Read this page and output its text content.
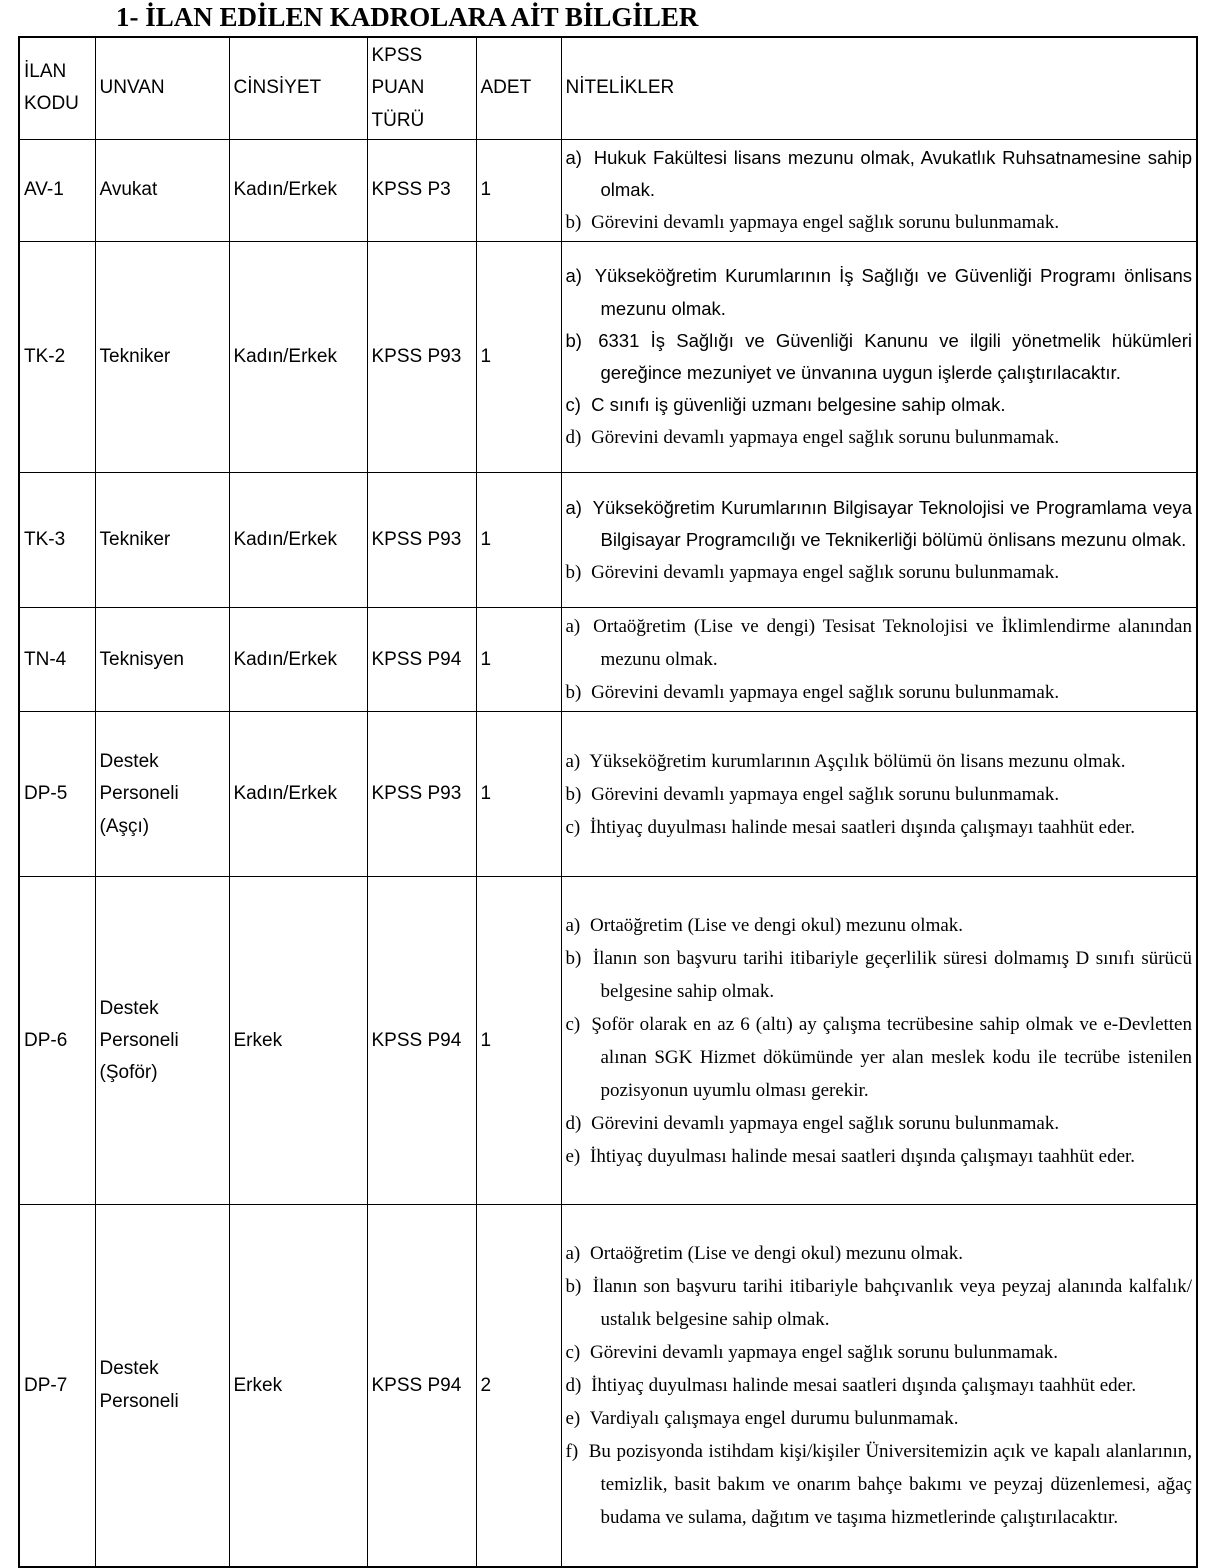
1- İLAN EDİLEN KADROLARA AİT BİLGİLER
İLAN KODU	UNVAN	CİNSİYET	KPSS PUAN TÜRÜ	ADET	NİTELİKLER
AV-1	Avukat	Kadın/Erkek	KPSS P3	1	a) Hukuk Fakültesi lisans mezunu olmak, Avukatlık Ruhsatnamesine sahip olmak.
b) Görevini devamlı yapmaya engel sağlık sorunu bulunmamak.

TK-2	Tekniker	Kadın/Erkek	KPSS P93	1	a) Yükseköğretim Kurumlarının İş Sağlığı ve Güvenliği Programı önlisans mezunu olmak.
b) 6331 İş Sağlığı ve Güvenliği Kanunu ve ilgili yönetmelik hükümleri gereğince mezuniyet ve ünvanına uygun işlerde çalıştırılacaktır.
c) C sınıfı iş güvenliği uzmanı belgesine sahip olmak.
d) Görevini devamlı yapmaya engel sağlık sorunu bulunmamak.

TK-3	Tekniker	Kadın/Erkek	KPSS P93	1	a) Yükseköğretim Kurumlarının Bilgisayar Teknolojisi ve Programlama veya Bilgisayar Programcılığı ve Teknikerliği bölümü önlisans mezunu olmak.
b) Görevini devamlı yapmaya engel sağlık sorunu bulunmamak.

TN-4	Teknisyen	Kadın/Erkek	KPSS P94	1	a) Ortaöğretim (Lise ve dengi) Tesisat Teknolojisi ve İklimlendirme alanından mezunu olmak.
b) Görevini devamlı yapmaya engel sağlık sorunu bulunmamak.

DP-5	Destek Personeli (Aşçı)	Kadın/Erkek	KPSS P93	1	a) Yükseköğretim kurumlarının Aşçılık bölümü ön lisans mezunu olmak.
b) Görevini devamlı yapmaya engel sağlık sorunu bulunmamak.
c) İhtiyaç duyulması halinde mesai saatleri dışında çalışmayı taahhüt eder.

DP-6	Destek Personeli (Şoför)	Erkek	KPSS P94	1	a) Ortaöğretim (Lise ve dengi okul) mezunu olmak.
b) İlanın son başvuru tarihi itibariyle geçerlilik süresi dolmamış D sınıfı sürücü belgesine sahip olmak.
c) Şoför olarak en az 6 (altı) ay çalışma tecrübesine sahip olmak ve e-Devletten alınan SGK Hizmet dökümünde yer alan meslek kodu ile tecrübe istenilen pozisyonun uyumlu olması gerekir.
d) Görevini devamlı yapmaya engel sağlık sorunu bulunmamak.
e) İhtiyaç duyulması halinde mesai saatleri dışında çalışmayı taahhüt eder.

DP-7	Destek Personeli	Erkek	KPSS P94	2	
a) Ortaöğretim (Lise ve dengi okul) mezunu olmak.
b) İlanın son başvuru tarihi itibariyle bahçıvanlık veya peyzaj alanında kalfalık/ ustalık belgesine sahip olmak.
c) Görevini devamlı yapmaya engel sağlık sorunu bulunmamak.
d) İhtiyaç duyulması halinde mesai saatleri dışında çalışmayı taahhüt eder.
e) Vardiyalı çalışmaya engel durumu bulunmamak.
f) Bu pozisyonda istihdam kişi/kişiler Üniversitemizin açık ve kapalı alanlarının, temizlik, basit bakım ve onarım bahçe bakımı ve peyzaj düzenlemesi, ağaç budama ve sulama, dağıtım ve taşıma hizmetlerinde çalıştırılacaktır.
